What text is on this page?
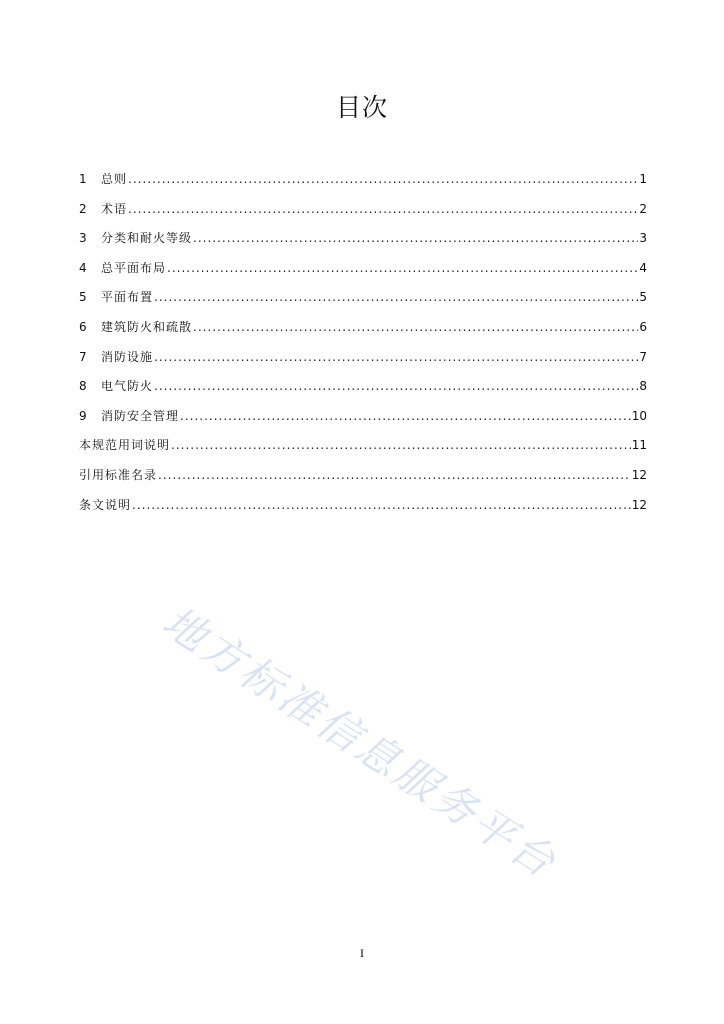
目次
1	总则 .....	1
2	术语 .....	2
3	分类和耐火等级 .....	3
4	总平面布局 .....	4
5	平面布置 .....	5
6	建筑防火和疏散 .....	6
7	消防设施 .....	7
8	电气防火 .....	8
9	消防安全管理 .....	10
本规范用词说明 .....	11
引用标准名录 .....	12
条文说明 .....	12
地方标准信息服务平台
I
